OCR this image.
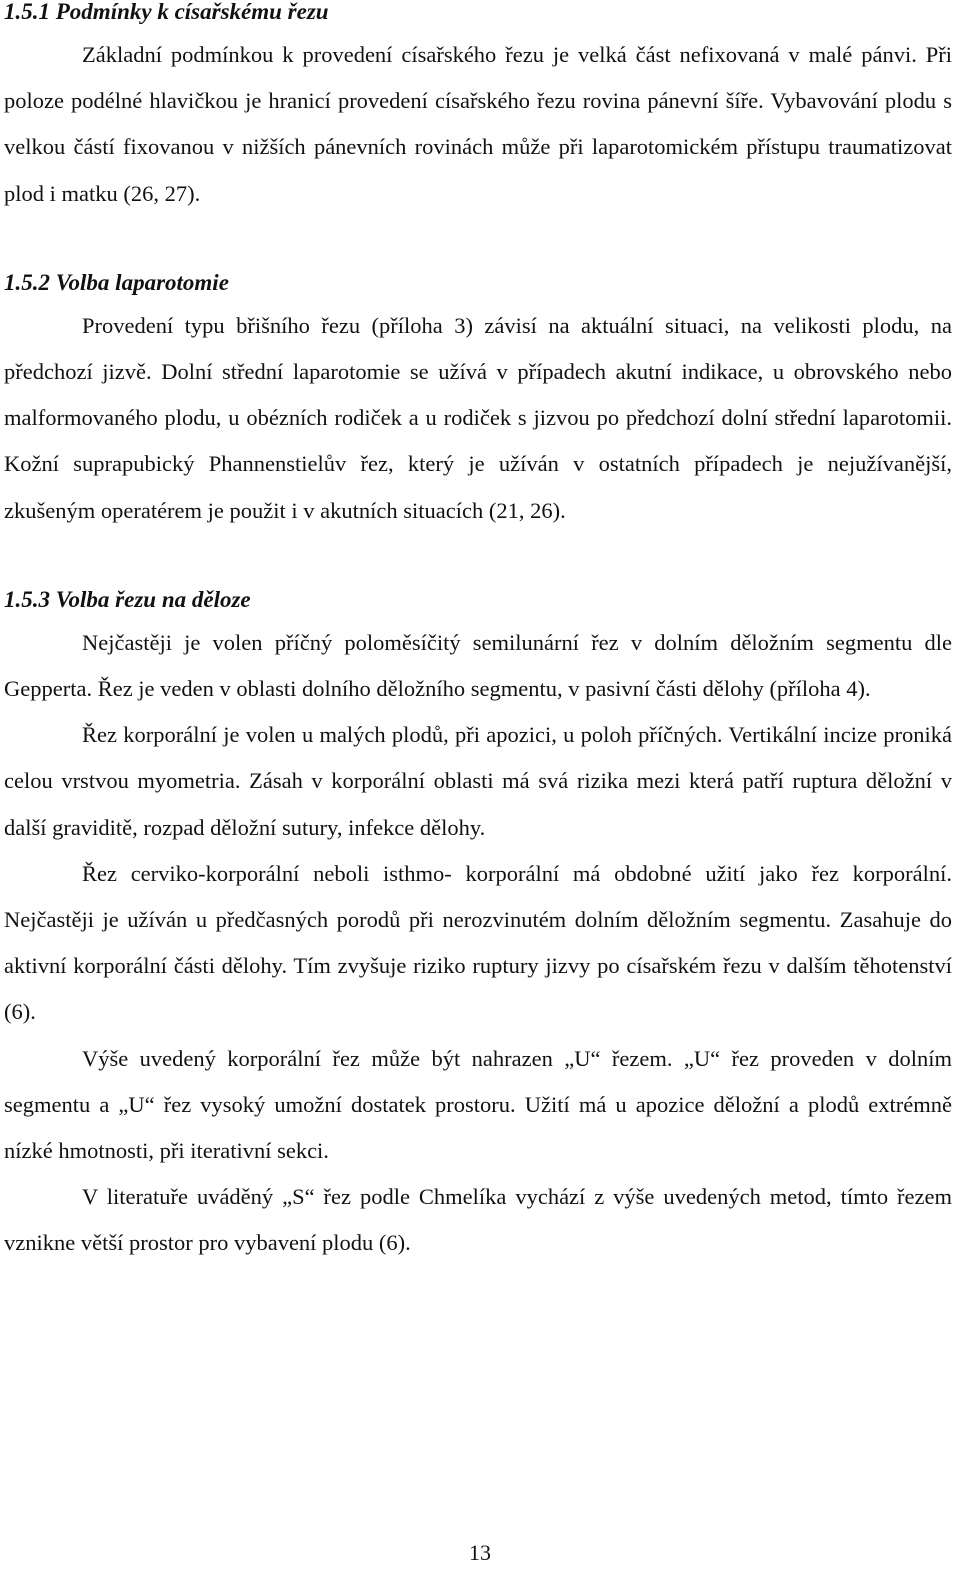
1.5.1 Podmínky k císařskému řezu

Základní podmínkou k provedení císařského řezu je velká část nefixovaná v malé pánvi. Při poloze podélné hlavičkou je hranicí provedení císařského řezu rovina pánevní šíře. Vybavování plodu s velkou částí fixovanou v nižších pánevních rovinách může při laparotomickém přístupu traumatizovat plod i matku (26, 27).

1.5.2 Volba laparotomie

Provedení typu břišního řezu (příloha 3) závisí na aktuální situaci, na velikosti plodu, na předchozí jizvě. Dolní střední laparotomie se užívá v případech akutní indikace, u obrovského nebo malformovaného plodu, u obézních rodiček a u rodiček s jizvou po předchozí dolní střední laparotomii. Kožní suprapubický Phannenstielův řez, který je užíván v ostatních případech je nejužívanější, zkušeným operatérem je použit i v akutních situacích (21, 26).

1.5.3 Volba řezu na děloze

Nejčastěji je volen příčný poloměsíčitý semilunární řez v dolním děložním segmentu dle Gepperta. Řez je veden v oblasti dolního děložního segmentu, v pasivní části dělohy (příloha 4).

Řez korporální je volen u malých plodů, při apozici, u poloh příčných. Vertikální incize proniká celou vrstvou myometria. Zásah v korporální oblasti má svá rizika mezi která patří ruptura děložní v další graviditě, rozpad děložní sutury, infekce dělohy.

Řez cerviko-korporální neboli isthmo- korporální má obdobné užití jako řez korporální. Nejčastěji je užíván u předčasných porodů při nerozvinutém dolním děložním segmentu. Zasahuje do aktivní korporální části dělohy. Tím zvyšuje riziko ruptury jizvy po císařském řezu v dalším těhotenství (6).

Výše uvedený korporální řez může být nahrazen „U“ řezem. „U“ řez proveden v dolním segmentu a „U“ řez vysoký umožní dostatek prostoru. Užití má u apozice děložní a plodů extrémně nízké hmotnosti, při iterativní sekci.

V literatuře uváděný „S“ řez podle Chmelíka vychází z výše uvedených metod, tímto řezem vznikne větší prostor pro vybavení plodu (6).

13
